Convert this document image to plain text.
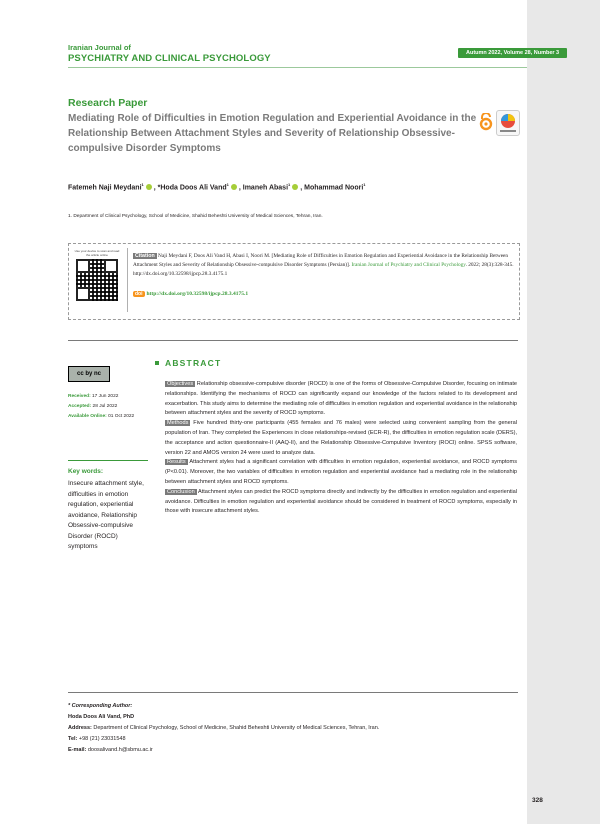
Iranian Journal of
PSYCHIATRY AND CLINICAL PSYCHOLOGY	Autumn 2022, Volume 28, Number 3
Research Paper
Mediating Role of Difficulties in Emotion Regulation and Experiential Avoidance in the Relationship Between Attachment Styles and Severity of Relationship Obsessive-compulsive Disorder Symptoms
Fatemeh Naji Meydani$^1$ , *Hoda Doos Ali Vand$^1$ , Imaneh Abasi$^1$ , Mohammad Noori$^1$
1. Department of Clinical Psychology, School of Medicine, Shahid Beheshti University of Medical Sciences, Tehran, Iran.
Use your device to scan and read the article online	Citation Naji Meydani F, Doos Ali Vand H, Abasi I, Noori M. [Mediating Role of Difficulties in Emotion Regulation and Experiential Avoidance in the Relationship Between Attachment Styles and Severity of Relationship Obsessive-compulsive Disorder Symptoms (Persian)]. Iranian Journal of Psychiatry and Clinical Psychology. 2022; 28(3):328-345. http://dx.doi.org/10.32598/ijpcp.28.3.4175.1
doi http://dx.doi.org/10.32598/ijpcp.28.3.4175.1
cc by nc
Received: 17 Jun 2022
Accepted: 28 Jul 2022
Available Online: 01 Oct 2022
Key words:
Insecure attachment style, difficulties in emotion regulation, experiential avoidance, Relationship Obsessive-compulsive Disorder (ROCD) symptoms
ABSTRACT

Objectives Relationship obsessive-compulsive disorder (ROCD) is one of the forms of Obsessive-Compulsive Disorder, focusing on intimate relationships. Identifying the mechanisms of ROCD can significantly expand our knowledge of the factors related to its development and exacerbation. This study aims to determine the mediating role of difficulties in emotion regulation and experiential avoidance in the relationship between attachment styles and the severity of ROCD symptoms.

Methods Five hundred thirty-one participants (455 females and 76 males) were selected using convenient sampling from the general population of Iran. They completed the Experiences in close relationships-revised (ECR-R), the difficulties in emotion regulation scale (DERS), the acceptance and action questionnaire-II (AAQ-II), and the Relationship Obsessive-Compulsive Inventory (ROCI) online. SPSS software, version 22 and AMOS version 24 were used to analyze data.

Results Attachment styles had a significant correlation with difficulties in emotion regulation, experiential avoidance, and ROCD symptoms (P<0.01). Moreover, the two variables of difficulties in emotion regulation and experiential avoidance had a mediating role in the relationship between attachment styles and ROCD symptoms.

Conclusion Attachment styles can predict the ROCD symptoms directly and indirectly by the difficulties in emotion regulation and experiential avoidance. Difficulties in emotion regulation and experiential avoidance should be considered in treatment of ROCD symptoms, especially in those with insecure attachment styles.

* Corresponding Author:
Hoda Doos Ali Vand, PhD
Address: Department of Clinical Psychology, School of Medicine, Shahid Beheshti University of Medical Sciences, Tehran, Iran.
Tel: +98 (21) 23031548
E-mail: doosalivand.h@sbmu.ac.ir
328
